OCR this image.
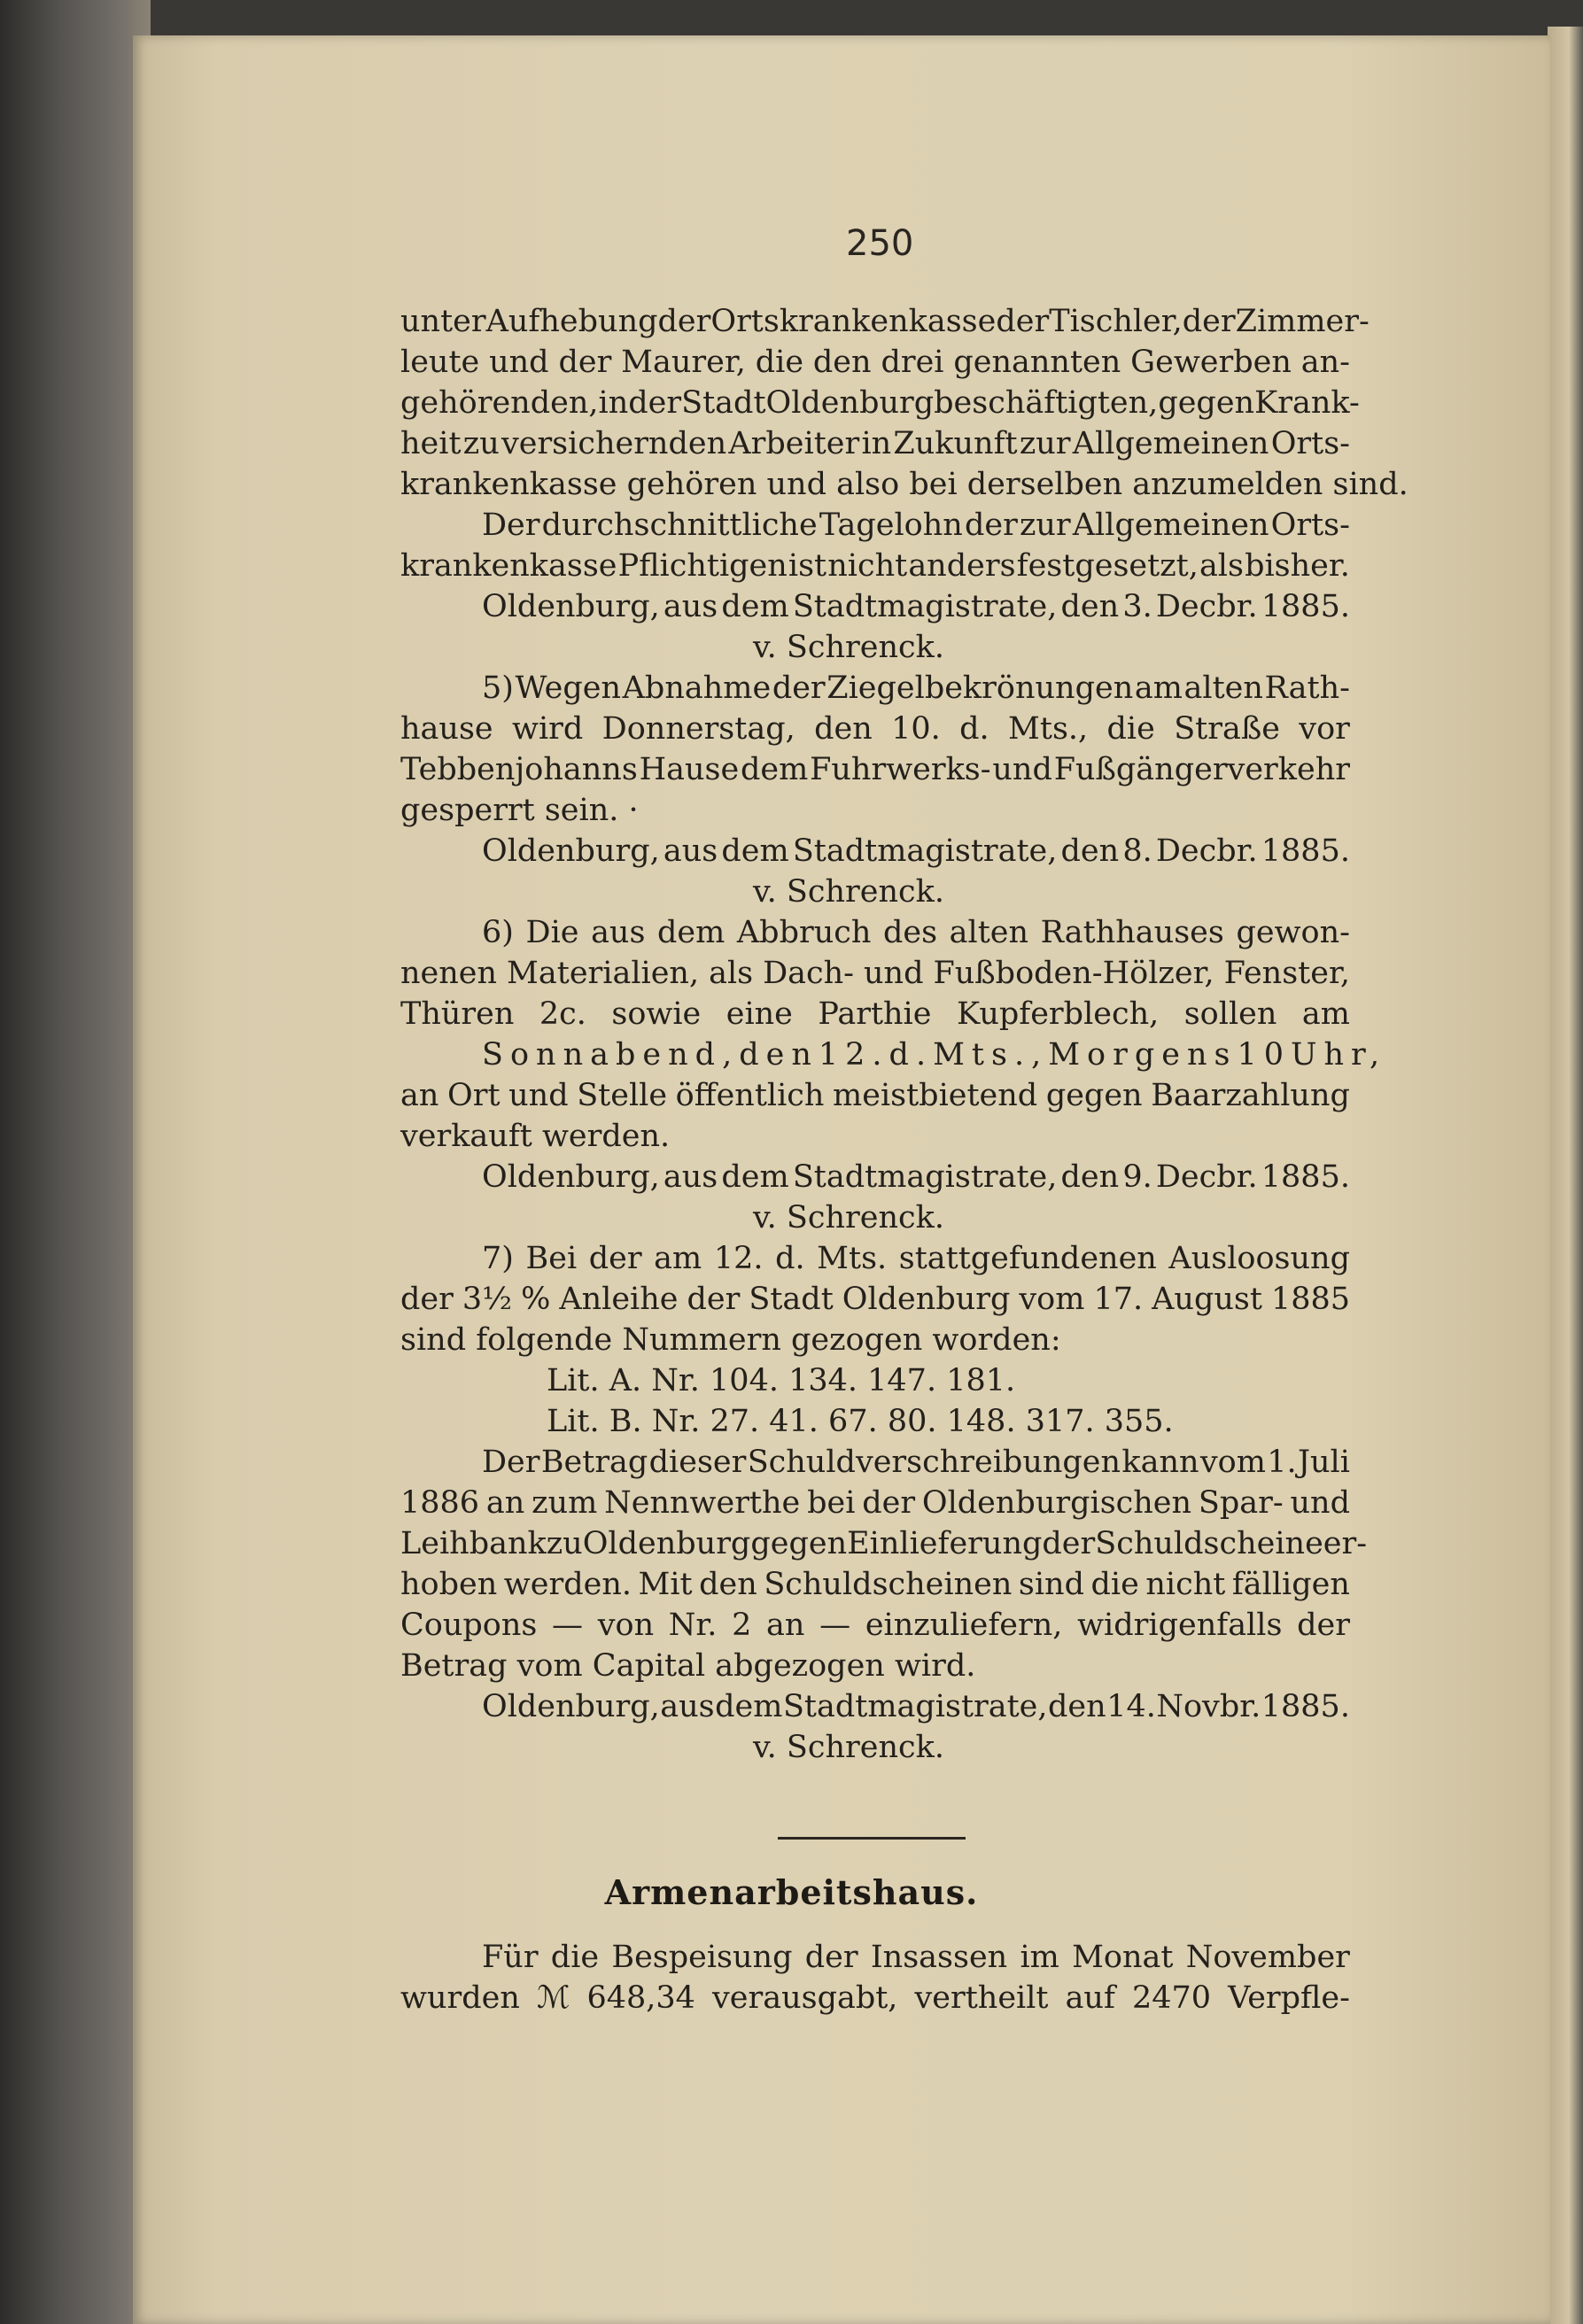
250
unter Aufhebung der Ortskrankenkasse der Tischler, der Zimmer-
leute und der Maurer, die den drei genannten Gewerben an-
gehörenden, in der Stadt Oldenburg beschäftigten, gegen Krank-
heit zu versichernden Arbeiter in Zukunft zur Allgemeinen Orts-
krankenkasse gehören und also bei derselben anzumelden sind.
Der durchschnittliche Tagelohn der zur Allgemeinen Orts-
krankenkasse Pflichtigen ist nicht anders festgesetzt, als bisher.
Oldenburg, aus dem Stadtmagistrate, den 3. Decbr. 1885.
v. Schrenck.
5) Wegen Abnahme der Ziegelbekrönungen am alten Rath-
hause wird Donnerstag, den 10. d. Mts., die Straße vor
Tebbenjohanns Hause dem Fuhrwerks- und Fußgängerverkehr
gesperrt sein. ·
Oldenburg, aus dem Stadtmagistrate, den 8. Decbr. 1885.
v. Schrenck.
6) Die aus dem Abbruch des alten Rathhauses gewon-
nenen Materialien, als Dach- und Fußboden-Hölzer, Fenster,
Thüren 2c. sowie eine Parthie Kupferblech, sollen am
Sonnabend, den 12. d. Mts., Morgens 10 Uhr,
an Ort und Stelle öffentlich meistbietend gegen Baarzahlung
verkauft werden.
Oldenburg, aus dem Stadtmagistrate, den 9. Decbr. 1885.
v. Schrenck.
7) Bei der am 12. d. Mts. stattgefundenen Ausloosung
der 3½ % Anleihe der Stadt Oldenburg vom 17. August 1885
sind folgende Nummern gezogen worden:
Lit. A. Nr. 104. 134. 147. 181.
Lit. B. Nr. 27. 41. 67. 80. 148. 317. 355.
Der Betrag dieser Schuldverschreibungen kann vom 1. Juli
1886 an zum Nennwerthe bei der Oldenburgischen Spar- und
Leihbank zu Oldenburg gegen Einlieferung der Schuldscheine er-
hoben werden. Mit den Schuldscheinen sind die nicht fälligen
Coupons — von Nr. 2 an — einzuliefern, widrigenfalls der
Betrag vom Capital abgezogen wird.
Oldenburg, aus dem Stadtmagistrate, den 14. Novbr. 1885.
v. Schrenck.
Armenarbeitshaus.
Für die Bespeisung der Insassen im Monat November
wurden ℳ 648,34 verausgabt, vertheilt auf 2470 Verpfle-
